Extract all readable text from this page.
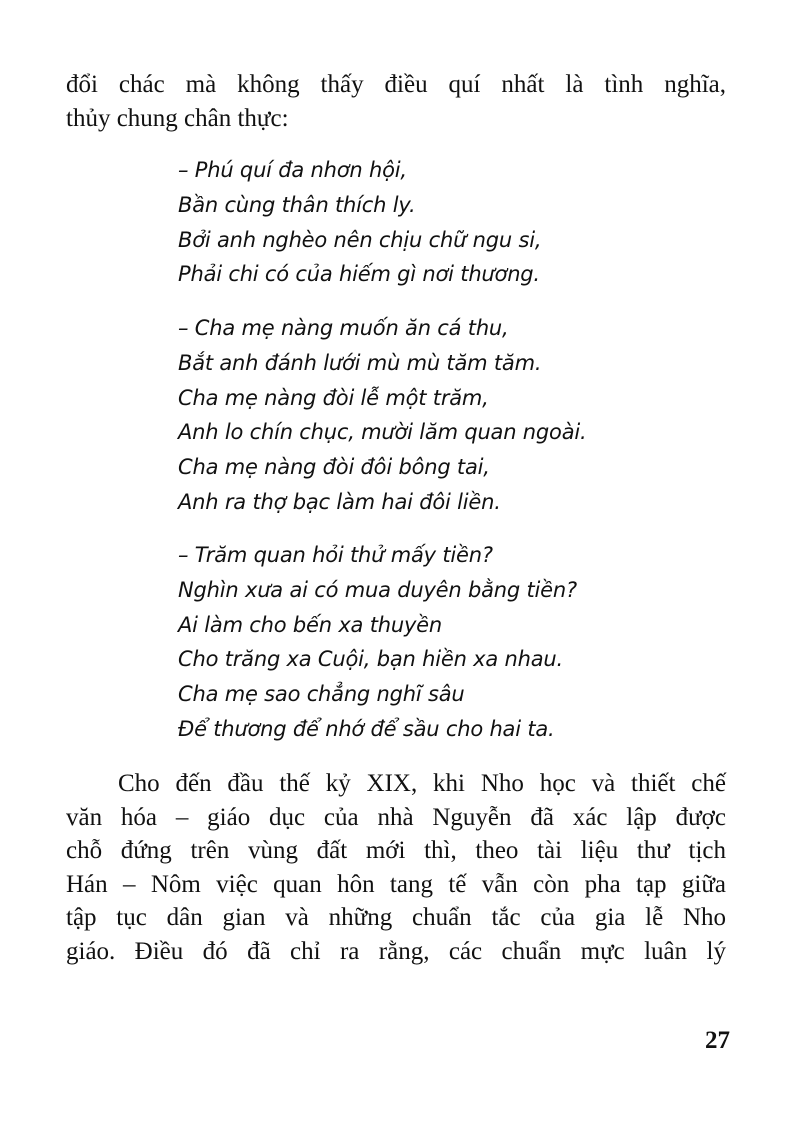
đổi chác mà không thấy điều quí nhất là tình nghĩa,
thủy chung chân thực:
– Phú quí đa nhơn hội,
Bần cùng thân thích ly.
Bởi anh nghèo nên chịu chữ ngu si,
Phải chi có của hiếm gì nơi thương.
– Cha mẹ nàng muốn ăn cá thu,
Bắt anh đánh lưới mù mù tăm tăm.
Cha mẹ nàng đòi lễ một trăm,
Anh lo chín chục, mười lăm quan ngoài.
Cha mẹ nàng đòi đôi bông tai,
Anh ra thợ bạc làm hai đôi liền.
– Trăm quan hỏi thử mấy tiền?
Nghìn xưa ai có mua duyên bằng tiền?
Ai làm cho bến xa thuyền
Cho trăng xa Cuội, bạn hiền xa nhau.
Cha mẹ sao chẳng nghĩ sâu
Để thương để nhớ để sầu cho hai ta.
Cho đến đầu thế kỷ XIX, khi Nho học và thiết chế
văn hóa – giáo dục của nhà Nguyễn đã xác lập được
chỗ đứng trên vùng đất mới thì, theo tài liệu thư tịch
Hán – Nôm việc quan hôn tang tế vẫn còn pha tạp giữa
tập tục dân gian và những chuẩn tắc của gia lễ Nho
giáo. Điều đó đã chỉ ra rằng, các chuẩn mực luân lý
27
